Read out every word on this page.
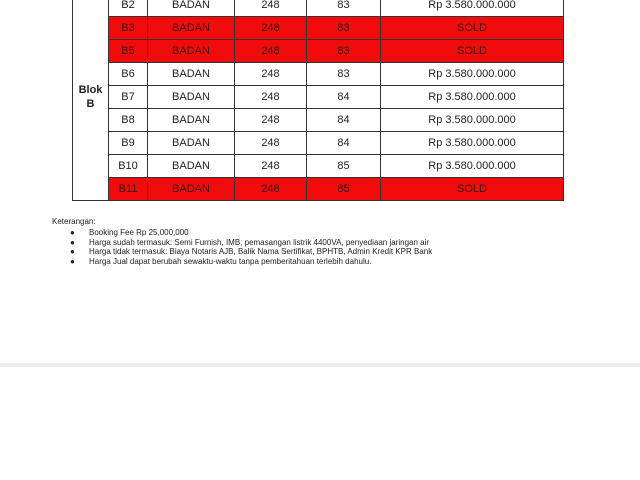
Blok
B	B2	BADAN	248	83	Rp 3.580.000.000
	B3	BADAN	248	83	SOLD
	B5	BADAN	248	83	SOLD
	B6	BADAN	248	83	Rp 3.580.000.000
	B7	BADAN	248	84	Rp 3.580.000.000
	B8	BADAN	248	84	Rp 3.580.000.000
	B9	BADAN	248	84	Rp 3.580.000.000
	B10	BADAN	248	85	Rp 3.580.000.000
	B11	BADAN	248	85	SOLD
Keterangan:
● Booking Fee Rp 25,000,000
● Harga sudah termasuk: Semi Furnish, IMB, pemasangan listrik 4400VA, penyediaan jaringan air
● Harga tidak termasuk: Biaya Notaris AJB, Balik Nama Sertifikat, BPHTB, Admin Kredit KPR Bank
● Harga Jual dapat berubah sewaktu-waktu tanpa pemberitahuan terlebih dahulu.
